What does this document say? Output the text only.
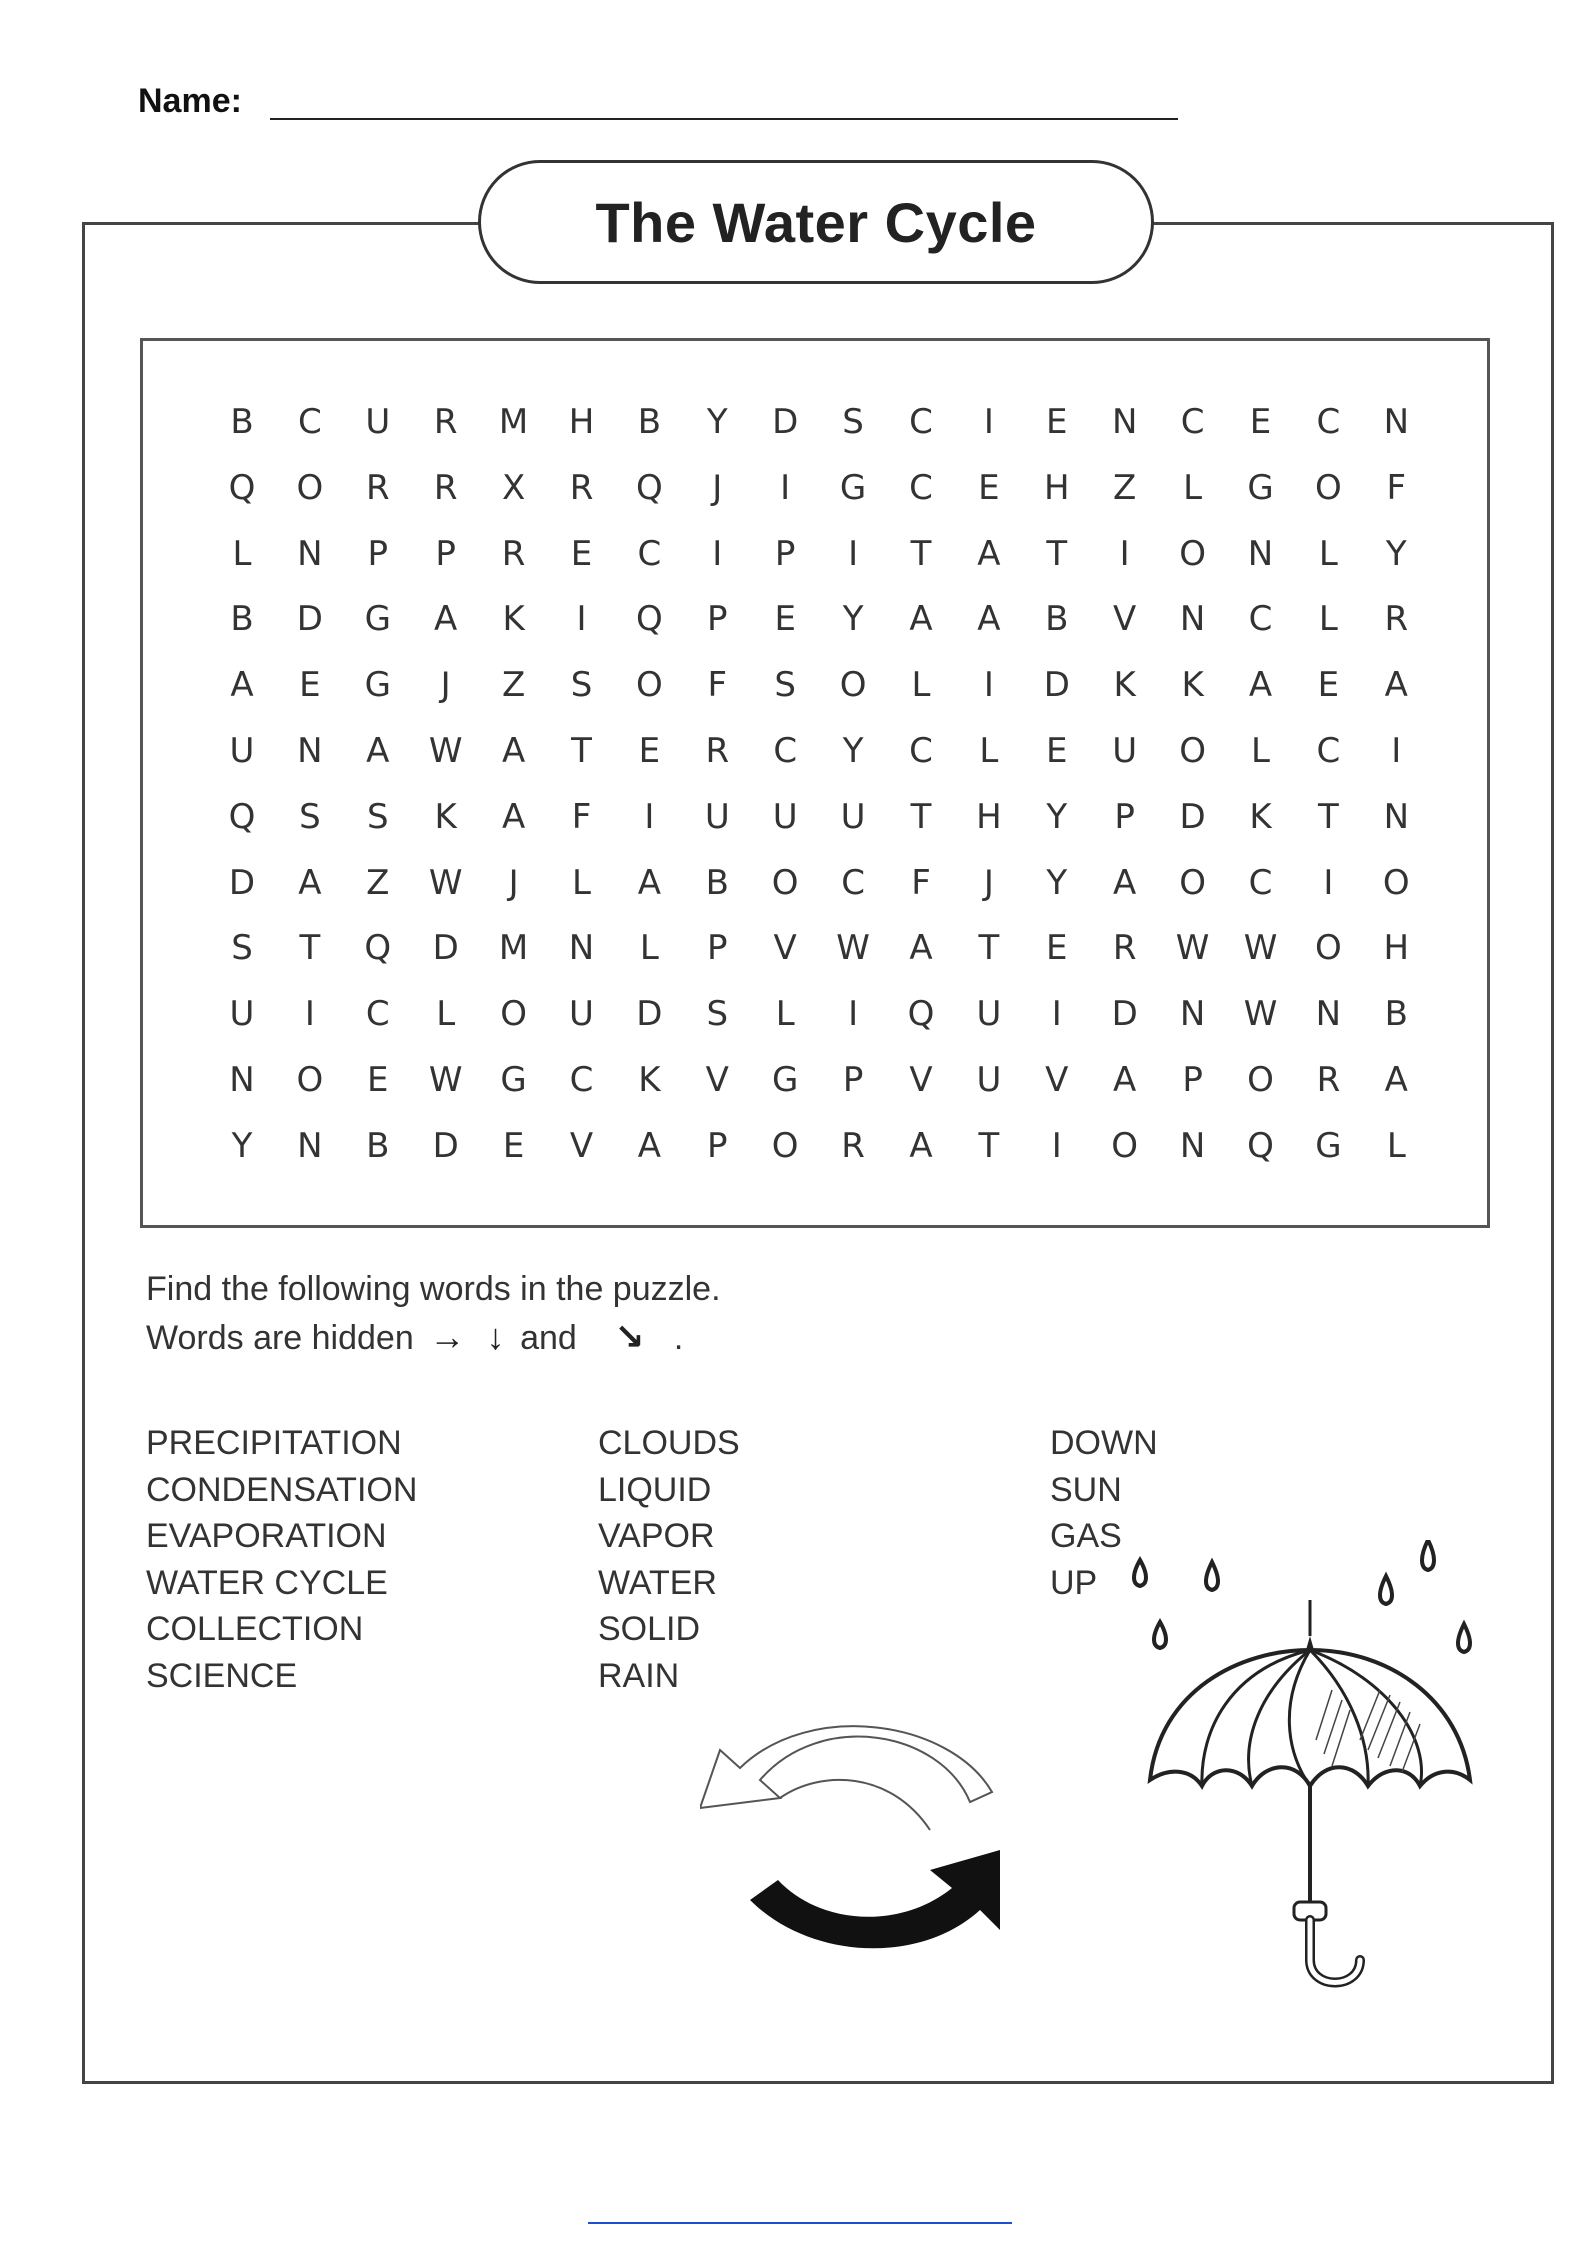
Name:
The Water Cycle
B	C	U	R	M	H	B	Y	D	S	C	I	E	N	C	E	C	N
Q	O	R	R	X	R	Q	J	I	G	C	E	H	Z	L	G	O	F
L	N	P	P	R	E	C	I	P	I	T	A	T	I	O	N	L	Y
B	D	G	A	K	I	Q	P	E	Y	A	A	B	V	N	C	L	R
A	E	G	J	Z	S	O	F	S	O	L	I	D	K	K	A	E	A
U	N	A	W	A	T	E	R	C	Y	C	L	E	U	O	L	C	I
Q	S	S	K	A	F	I	U	U	U	T	H	Y	P	D	K	T	N
D	A	Z	W	J	L	A	B	O	C	F	J	Y	A	O	C	I	O
S	T	Q	D	M	N	L	P	V	W	A	T	E	R	W	W	O	H
U	I	C	L	O	U	D	S	L	I	Q	U	I	D	N	W	N	B
N	O	E	W	G	C	K	V	G	P	V	U	V	A	P	O	R	A
Y	N	B	D	E	V	A	P	O	R	A	T	I	O	N	Q	G	L
Find the following words in the puzzle.
Words are hidden → ↓ and ↘ .
PRECIPITATION
CONDENSATION
EVAPORATION
WATER CYCLE
COLLECTION
SCIENCE
CLOUDS
LIQUID
VAPOR
WATER
SOLID
RAIN
DOWN
SUN
GAS
UP
